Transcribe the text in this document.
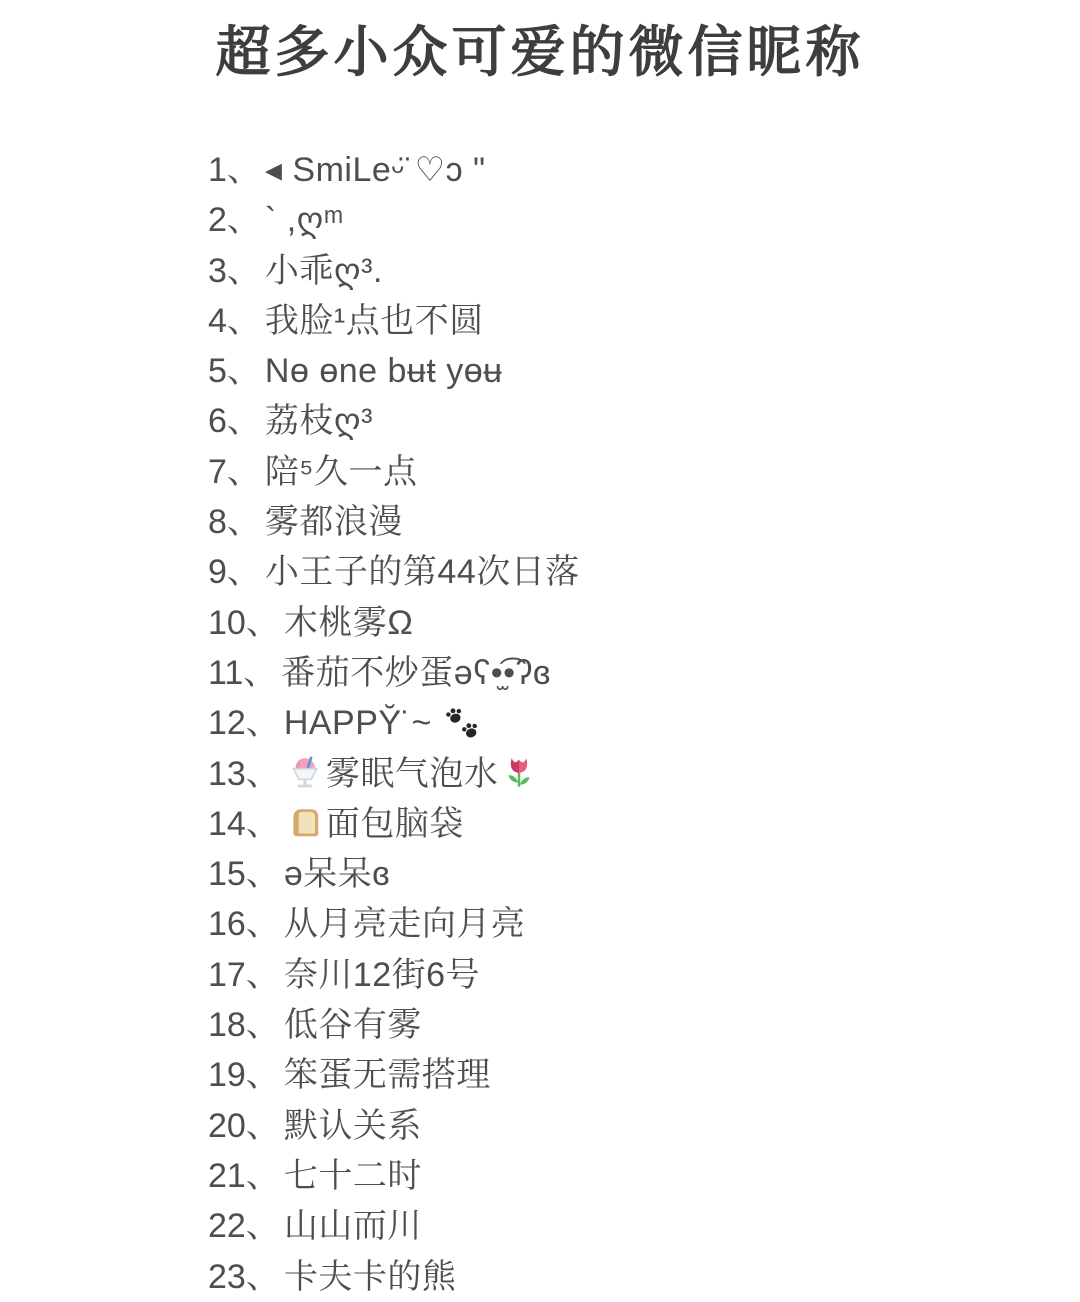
超多小众可爱的微信昵称
1、 ◂ SmiLeᵕ̈ ♡ɔ "
2、 ` ,ღᵐ
3、 小乖ღ³.
4、 我脸¹点也不圆
5、 Nɵ ɵne bʉŧ yɵʉ
6、 荔枝ღ³
7、 陪⁵久一点
8、 雾都浪漫
9、 小王子的第44次日落
10、 木桃雾Ω
11、 番茄不炒蛋əʕ•̫͡•ʔɞ
12、 HAPPY̆̈ ~
13、 雾眠气泡水
14、 面包脑袋
15、 ə呆呆ɞ
16、 从月亮走向月亮
17、 奈川12街6号
18、 低谷有雾
19、 笨蛋无需搭理
20、 默认关系
21、 七十二时
22、 山山而川
23、 卡夫卡的熊
